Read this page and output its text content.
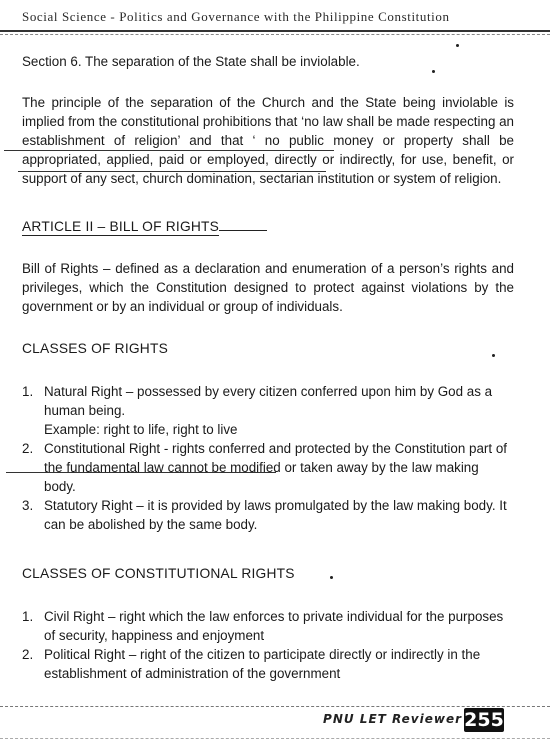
Social Science - Politics and Governance with the Philippine Constitution
Section 6. The separation of the State shall be inviolable.
The principle of the separation of the Church and the State being inviolable is implied from the constitutional prohibitions that ‘no law shall be made respecting an establishment of religion’ and that ‘ no public money or property shall be appropriated, applied, paid or employed, directly or indirectly, for use, benefit, or support of any sect, church domination, sectarian institution or system of religion.
ARTICLE II – BILL OF RIGHTS
Bill of Rights – defined as a declaration and enumeration of a person’s rights and privileges, which the Constitution designed to protect against violations by the government or by an individual or group of individuals.
CLASSES OF RIGHTS
1. Natural Right – possessed by every citizen conferred upon him by God as a human being.
Example: right to life, right to live
2. Constitutional Right - rights conferred and protected by the Constitution part of the fundamental law cannot be modified or taken away by the law making body.
3. Statutory Right – it is provided by laws promulgated by the law making body. It can be abolished by the same body.
CLASSES OF CONSTITUTIONAL RIGHTS
1. Civil Right – right which the law enforces to private individual for the purposes of security, happiness and enjoyment
2. Political Right – right of the citizen to participate directly or indirectly in the establishment of administration of the government
PNU LET Reviewer 255
